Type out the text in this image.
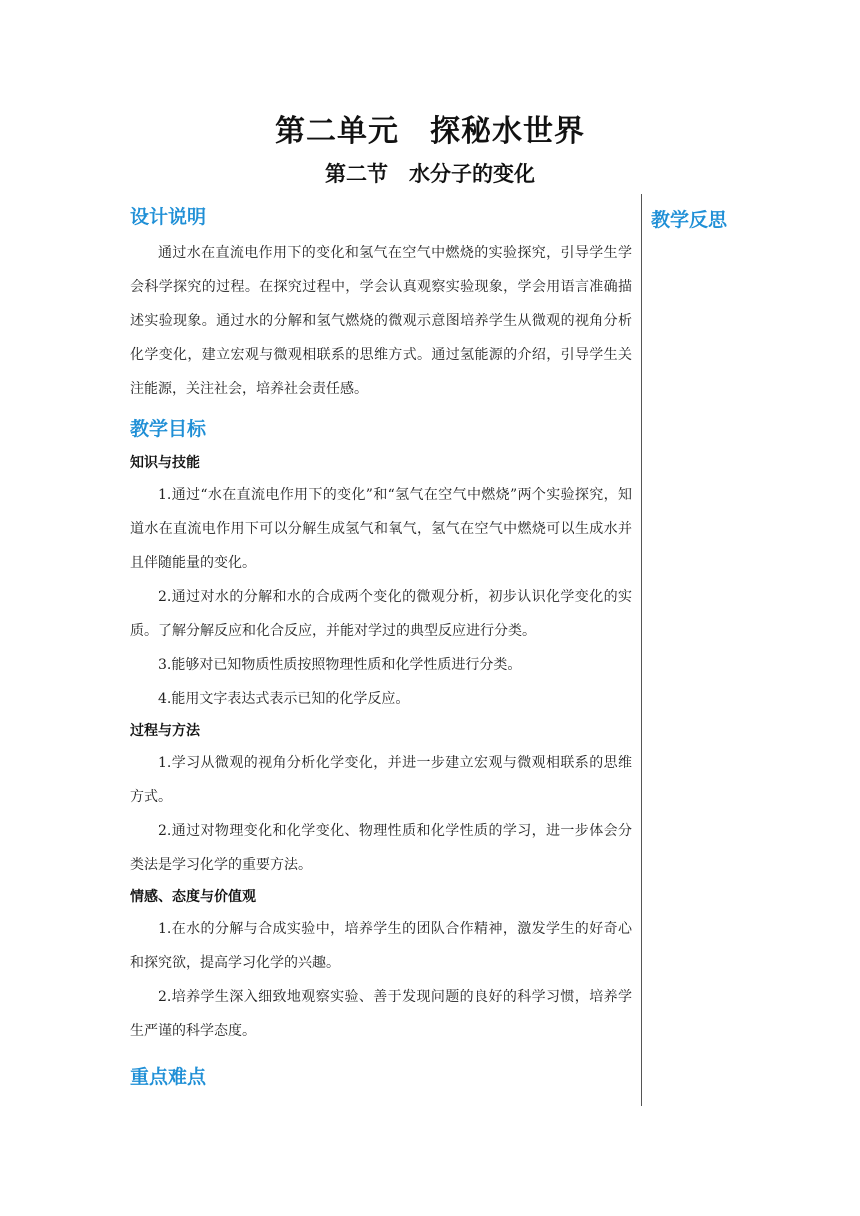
第二单元　探秘水世界
第二节　水分子的变化
教学反思
设计说明

通过水在直流电作用下的变化和氢气在空气中燃烧的实验探究，引导学生学会科学探究的过程。在探究过程中，学会认真观察实验现象，学会用语言准确描述实验现象。通过水的分解和氢气燃烧的微观示意图培养学生从微观的视角分析化学变化，建立宏观与微观相联系的思维方式。通过氢能源的介绍，引导学生关注能源，关注社会，培养社会责任感。

教学目标
知识与技能

1.通过“水在直流电作用下的变化”和“氢气在空气中燃烧”两个实验探究，知道水在直流电作用下可以分解生成氢气和氧气，氢气在空气中燃烧可以生成水并且伴随能量的变化。

2.通过对水的分解和水的合成两个变化的微观分析，初步认识化学变化的实质。了解分解反应和化合反应，并能对学过的典型反应进行分类。

3.能够对已知物质性质按照物理性质和化学性质进行分类。

4.能用文字表达式表示已知的化学反应。

过程与方法

1.学习从微观的视角分析化学变化，并进一步建立宏观与微观相联系的思维方式。

2.通过对物理变化和化学变化、物理性质和化学性质的学习，进一步体会分类法是学习化学的重要方法。

情感、态度与价值观

1.在水的分解与合成实验中，培养学生的团队合作精神，激发学生的好奇心和探究欲，提高学习化学的兴趣。

2.培养学生深入细致地观察实验、善于发现问题的良好的科学习惯，培养学生严谨的科学态度。

重点难点
